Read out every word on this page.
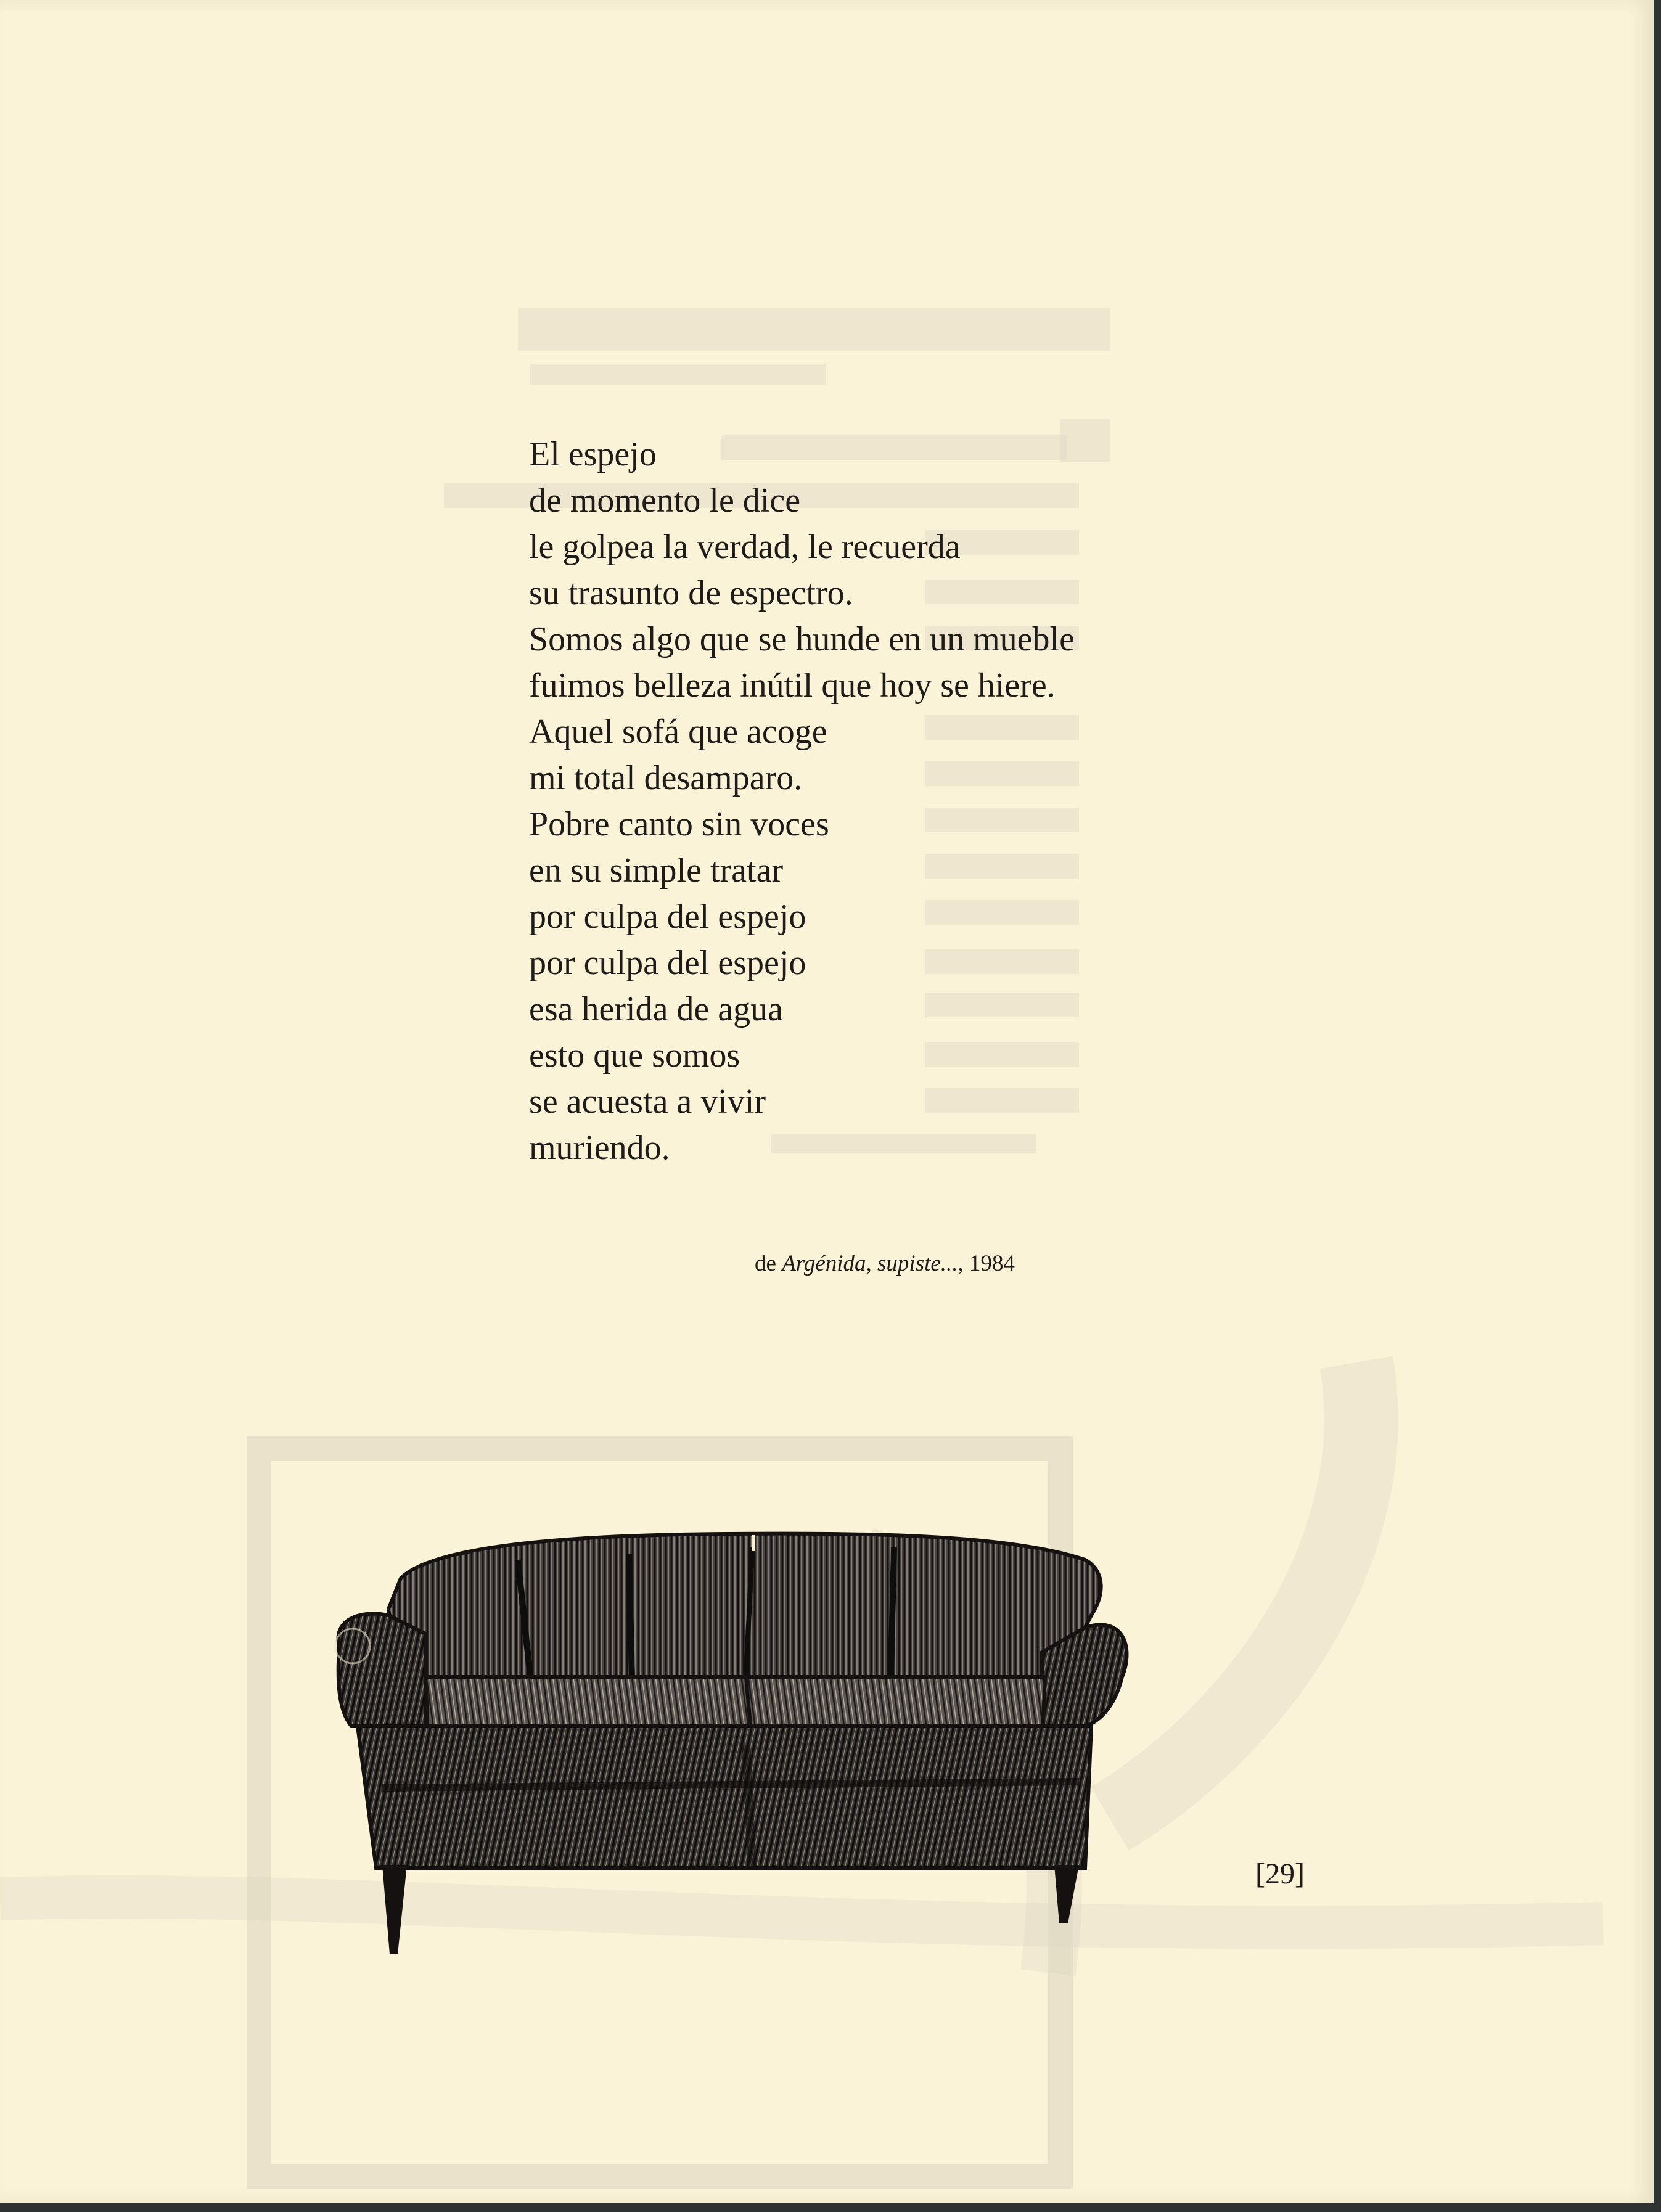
El espejo
de momento le dice
le golpea la verdad, le recuerda
su trasunto de espectro.
Somos algo que se hunde en un mueble
fuimos belleza inútil que hoy se hiere.
Aquel sofá que acoge
mi total desamparo.
Pobre canto sin voces
en su simple tratar
por culpa del espejo
por culpa del espejo
esa herida de agua
esto que somos
se acuesta a vivir
muriendo.
de Argénida, supiste..., 1984
[29]
